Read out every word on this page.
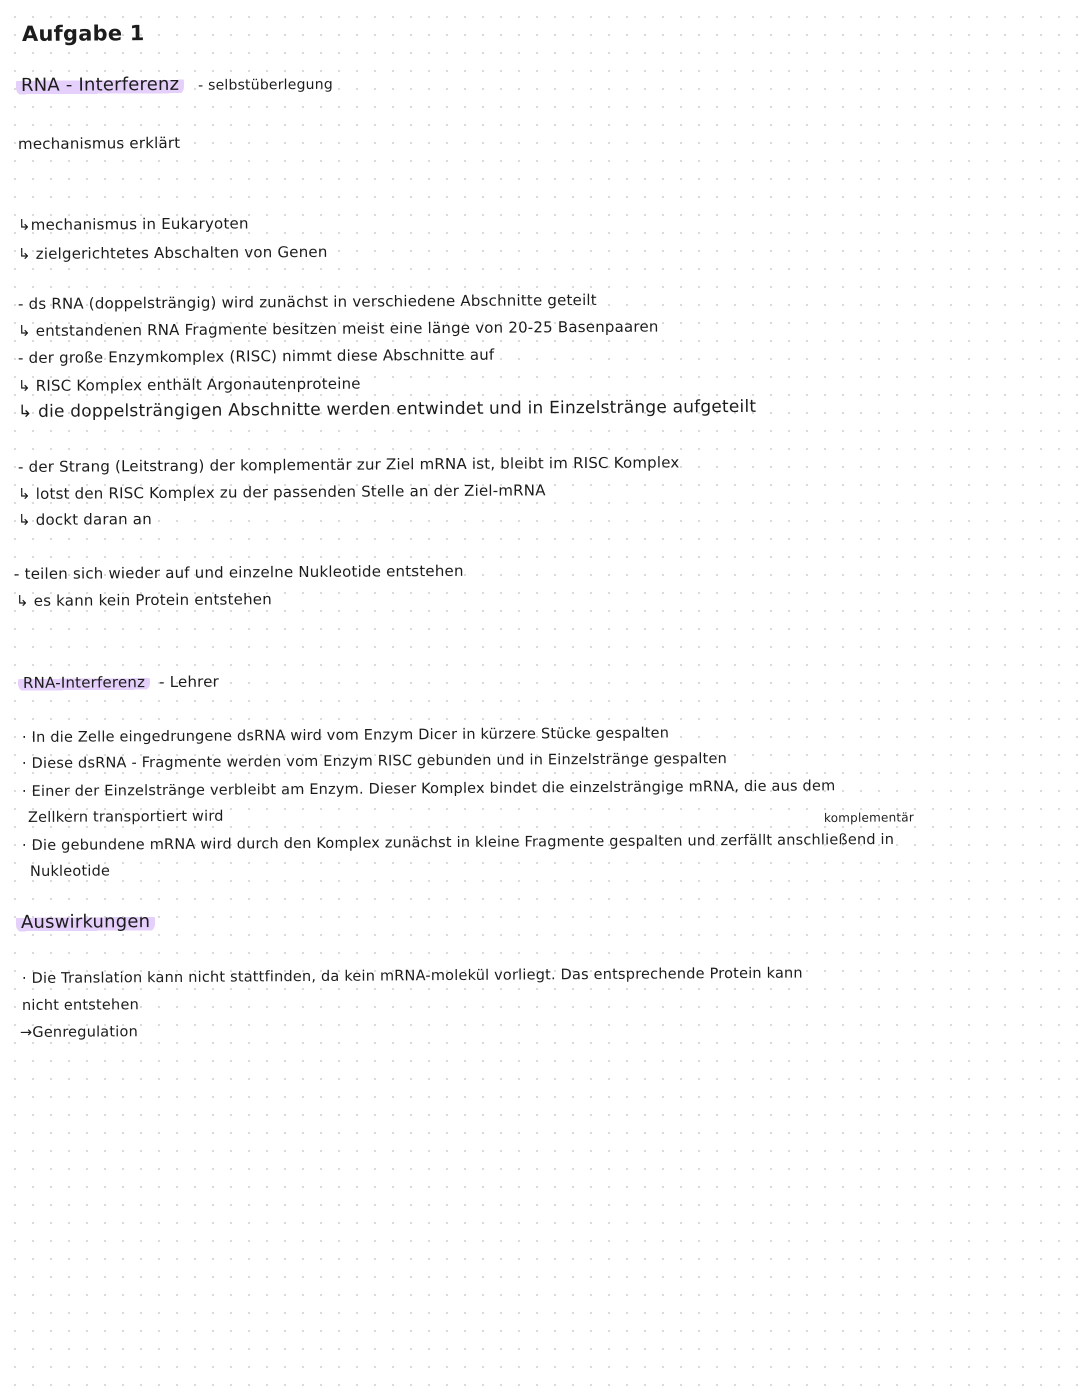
Aufgabe 1
RNA - Interferenz - selbstüberlegung
mechanismus erklärt
↳mechanismus in Eukaryoten
↳ zielgerichtetes Abschalten von Genen
- ds RNA (doppelsträngig) wird zunächst in verschiedene Abschnitte geteilt
↳ entstandenen RNA Fragmente besitzen meist eine länge von 20-25 Basenpaaren
- der große Enzymkomplex (RISC) nimmt diese Abschnitte auf
↳ RISC Komplex enthält Argonautenproteine
↳ die doppelsträngigen Abschnitte werden entwindet und in Einzelstränge aufgeteilt
- der Strang (Leitstrang) der komplementär zur Ziel mRNA ist, bleibt im RISC Komplex
↳ lotst den RISC Komplex zu der passenden Stelle an der Ziel-mRNA
↳ dockt daran an
- teilen sich wieder auf und einzelne Nukleotide entstehen
↳ es kann kein Protein entstehen
RNA-Interferenz - Lehrer
· In die Zelle eingedrungene dsRNA wird vom Enzym Dicer in kürzere Stücke gespalten
· Diese dsRNA - Fragmente werden vom Enzym RISC gebunden und in Einzelstränge gespalten
· Einer der Einzelstränge verbleibt am Enzym. Dieser Komplex bindet die einzelsträngige mRNA, die aus dem
Zellkern transportiert wird	komplementär
· Die gebundene mRNA wird durch den Komplex zunächst in kleine Fragmente gespalten und zerfällt anschließend in
Nukleotide
Auswirkungen
· Die Translation kann nicht stattfinden, da kein mRNA-molekül vorliegt. Das entsprechende Protein kann
nicht entstehen
→Genregulation
